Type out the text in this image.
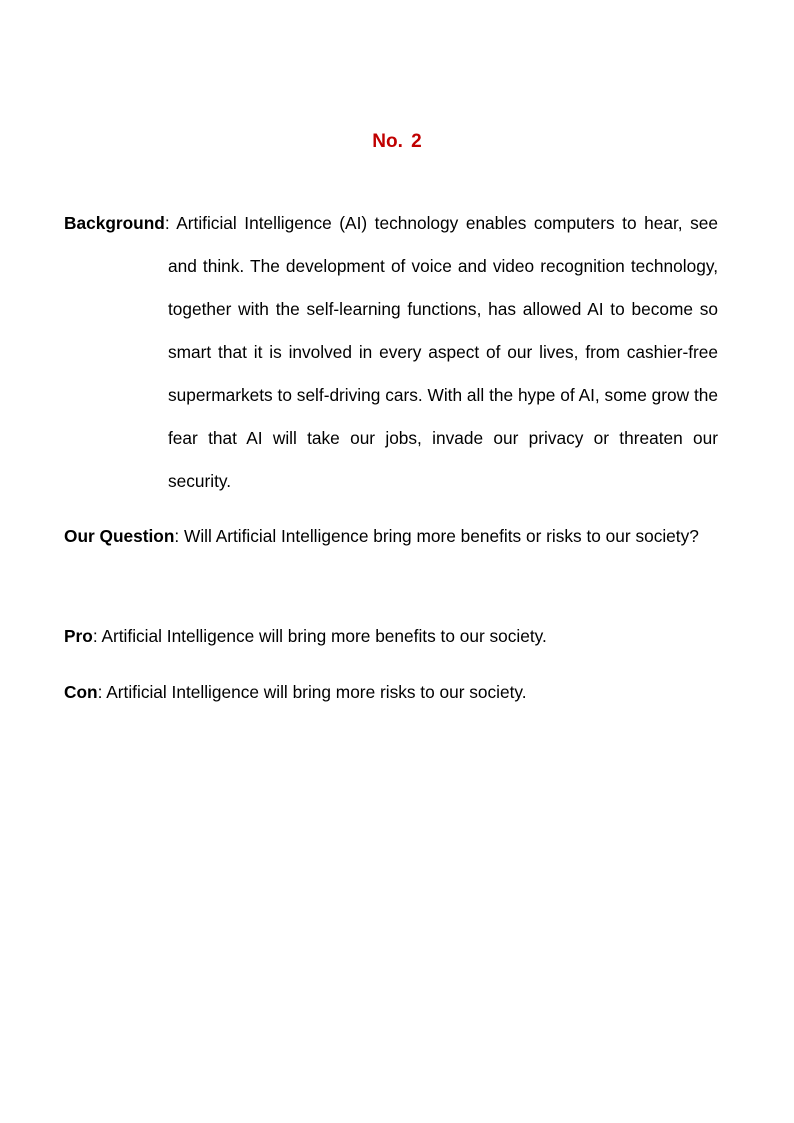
No. 2

Background: Artificial Intelligence (AI) technology enables computers to hear, see and think. The development of voice and video recognition technology, together with the self-learning functions, has allowed AI to become so smart that it is involved in every aspect of our lives, from cashier-free supermarkets to self-driving cars. With all the hype of AI, some grow the fear that AI will take our jobs, invade our privacy or threaten our security.

Our Question: Will Artificial Intelligence bring more benefits or risks to our society?

Pro: Artificial Intelligence will bring more benefits to our society.

Con: Artificial Intelligence will bring more risks to our society.
